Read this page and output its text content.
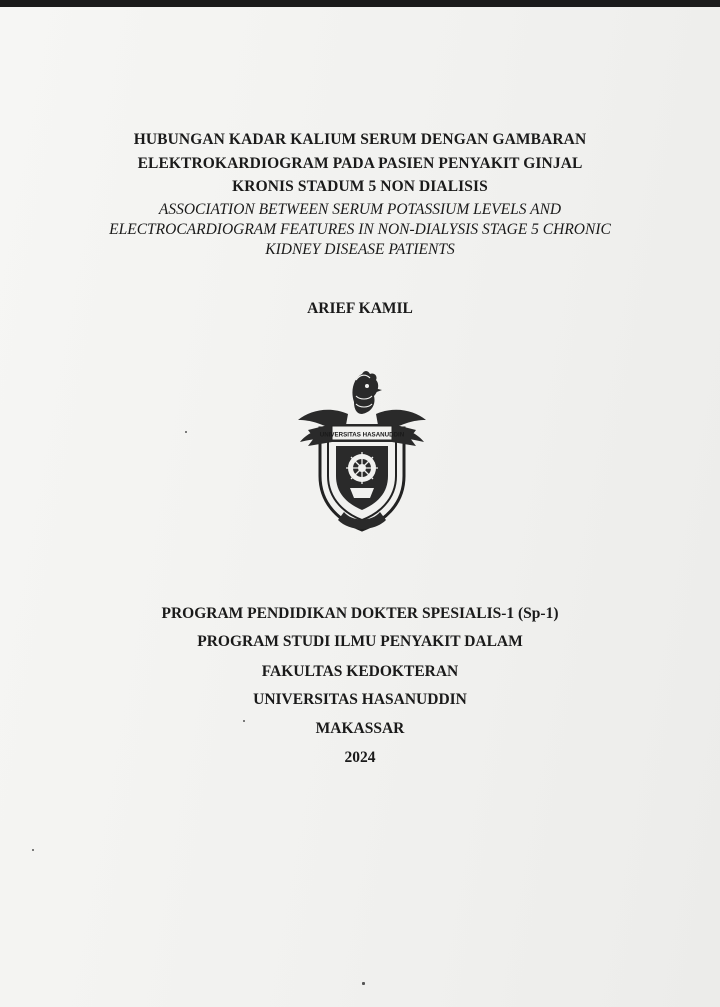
HUBUNGAN KADAR KALIUM SERUM DENGAN GAMBARAN
ELEKTROKARDIOGRAM PADA PASIEN PENYAKIT GINJAL
KRONIS STADUM 5 NON DIALISIS
ASSOCIATION BETWEEN SERUM POTASSIUM LEVELS AND
ELECTROCARDIOGRAM FEATURES IN NON-DIALYSIS STAGE 5 CHRONIC
KIDNEY DISEASE PATIENTS
ARIEF KAMIL
UNIVERSITAS HASANUDDIN
PROGRAM PENDIDIKAN DOKTER SPESIALIS-1 (Sp-1)
PROGRAM STUDI ILMU PENYAKIT DALAM
FAKULTAS KEDOKTERAN
UNIVERSITAS HASANUDDIN
MAKASSAR
2024
